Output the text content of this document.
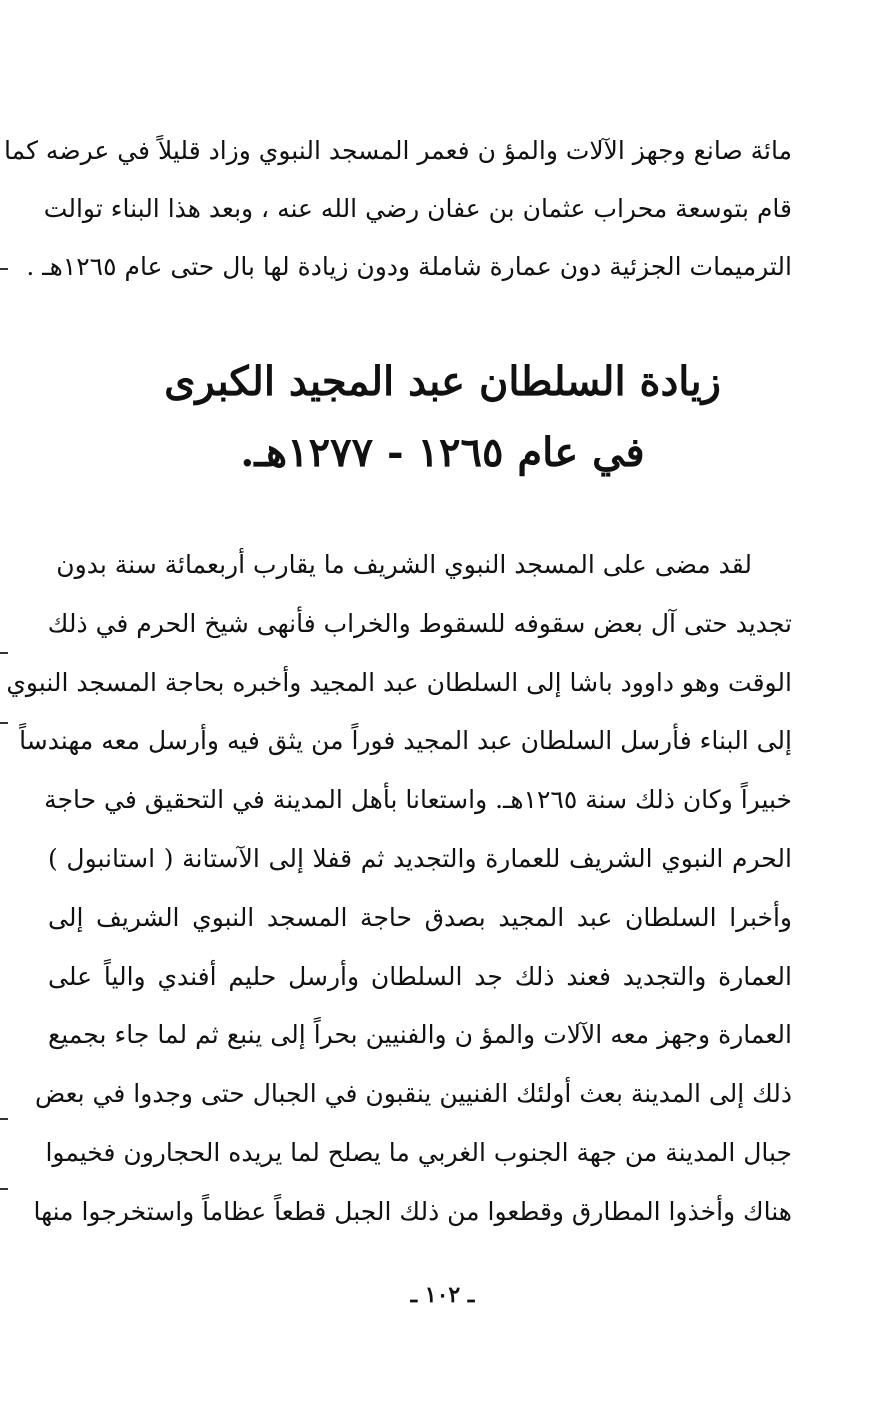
مائة صانع وجهز الآلات والمؤ ن فعمر المسجد النبوي وزاد قليلاً في عرضه كما
قام بتوسعة محراب عثمان بن عفان رضي الله عنه ، وبعد هذا البناء توالت
الترميمات الجزئية دون عمارة شاملة ودون زيادة لها بال حتى عام ١٢٦٥هـ .
زيادة السلطان عبد المجيد الكبرى
في عام ١٢٦٥ - ١٢٧٧هـ.
لقد مضى على المسجد النبوي الشريف ما يقارب أربعمائة سنة بدون
تجديد حتى آل بعض سقوفه للسقوط والخراب فأنهى شيخ الحرم في ذلك
الوقت وهو داوود باشا إلى السلطان عبد المجيد وأخبره بحاجة المسجد النبوي
إلى البناء فأرسل السلطان عبد المجيد فوراً من يثق فيه وأرسل معه مهندساً
خبيراً وكان ذلك سنة ١٢٦٥هـ. واستعانا بأهل المدينة في التحقيق في حاجة
الحرم النبوي الشريف للعمارة والتجديد ثم قفلا إلى الآستانة ( استانبول )
وأخبرا السلطان عبد المجيد بصدق حاجة المسجد النبوي الشريف إلى
العمارة والتجديد فعند ذلك جد السلطان وأرسل حليم أفندي والياً على
العمارة وجهز معه الآلات والمؤ ن والفنيين بحراً إلى ينبع ثم لما جاء بجميع
ذلك إلى المدينة بعث أولئك الفنيين ينقبون في الجبال حتى وجدوا في بعض
جبال المدينة من جهة الجنوب الغربي ما يصلح لما يريده الحجارون فخيموا
هناك وأخذوا المطارق وقطعوا من ذلك الجبل قطعاً عظاماً واستخرجوا منها
ـ ١٠٢ ـ
